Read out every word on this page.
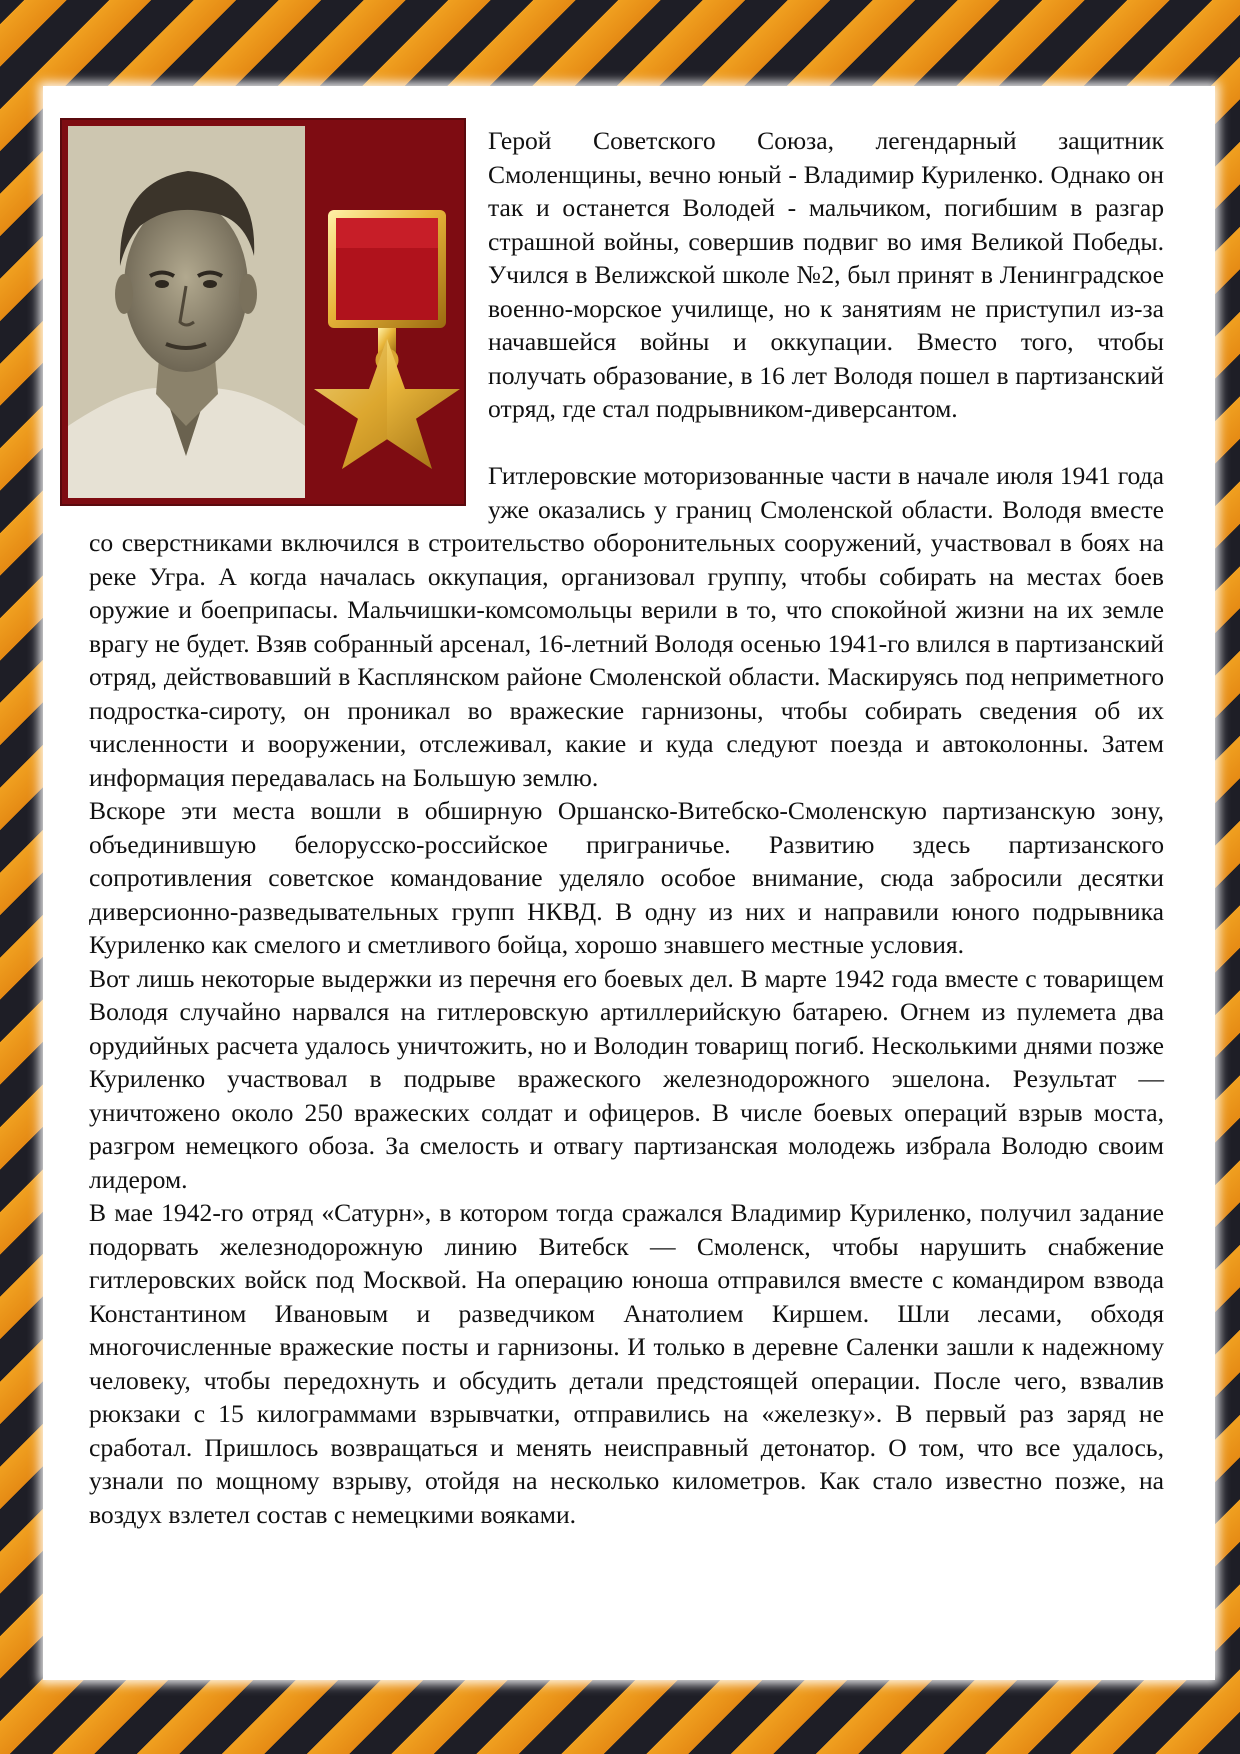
Герой Советского Союза, легендарный защитник Смоленщины, вечно юный - Владимир Куриленко. Однако он так и останется Володей - мальчиком, погибшим в разгар страшной войны, совершив подвиг во имя Великой Победы. Учился в Велижской школе №2, был принят в Ленинградское военно-морское училище, но к занятиям не приступил из-за начавшейся войны и оккупации. Вместо того, чтобы получать образование, в 16 лет Володя пошел в партизанский отряд, где стал подрывником-диверсантом.

Гитлеровские моторизованные части в начале июля 1941 года уже оказались у границ Смоленской области. Володя вместе со сверстниками включился в строительство оборонительных сооружений, участвовал в боях на реке Угра. А когда началась оккупация, организовал группу, чтобы собирать на местах боев оружие и боеприпасы. Мальчишки-комсомольцы верили в то, что спокойной жизни на их земле врагу не будет. Взяв собранный арсенал, 16-летний Володя осенью 1941-го влился в партизанский отряд, действовавший в Касплянском районе Смоленской области. Маскируясь под неприметного подростка-сироту, он проникал во вражеские гарнизоны, чтобы собирать сведения об их численности и вооружении, отслеживал, какие и куда следуют поезда и автоколонны. Затем информация передавалась на Большую землю.

Вскоре эти места вошли в обширную Оршанско-Витебско-Смоленскую партизанскую зону, объединившую белорусско-российское приграничье. Развитию здесь партизанского сопротивления советское командование уделяло особое внимание, сюда забросили десятки диверсионно-разведывательных групп НКВД. В одну из них и направили юного подрывника Куриленко как смелого и сметливого бойца, хорошо знавшего местные условия.

Вот лишь некоторые выдержки из перечня его боевых дел. В марте 1942 года вместе с товарищем Володя случайно нарвался на гитлеровскую артиллерийскую батарею. Огнем из пулемета два орудийных расчета удалось уничтожить, но и Володин товарищ погиб. Несколькими днями позже Куриленко участвовал в подрыве вражеского железнодорожного эшелона. Результат — уничтожено около 250 вражеских солдат и офицеров. В числе боевых операций взрыв моста, разгром немецкого обоза. За смелость и отвагу партизанская молодежь избрала Володю своим лидером.

В мае 1942-го отряд «Сатурн», в котором тогда сражался Владимир Куриленко, получил задание подорвать железнодорожную линию Витебск — Смоленск, чтобы нарушить снабжение гитлеровских войск под Москвой. На операцию юноша отправился вместе с командиром взвода Константином Ивановым и разведчиком Анатолием Киршем. Шли лесами, обходя многочисленные вражеские посты и гарнизоны. И только в деревне Саленки зашли к надежному человеку, чтобы передохнуть и обсудить детали предстоящей операции. После чего, взвалив рюкзаки с 15 килограммами взрывчатки, отправились на «железку». В первый раз заряд не сработал. Пришлось возвращаться и менять неисправный детонатор. О том, что все удалось, узнали по мощному взрыву, отойдя на несколько километров. Как стало известно позже, на воздух взлетел состав с немецкими вояками.
